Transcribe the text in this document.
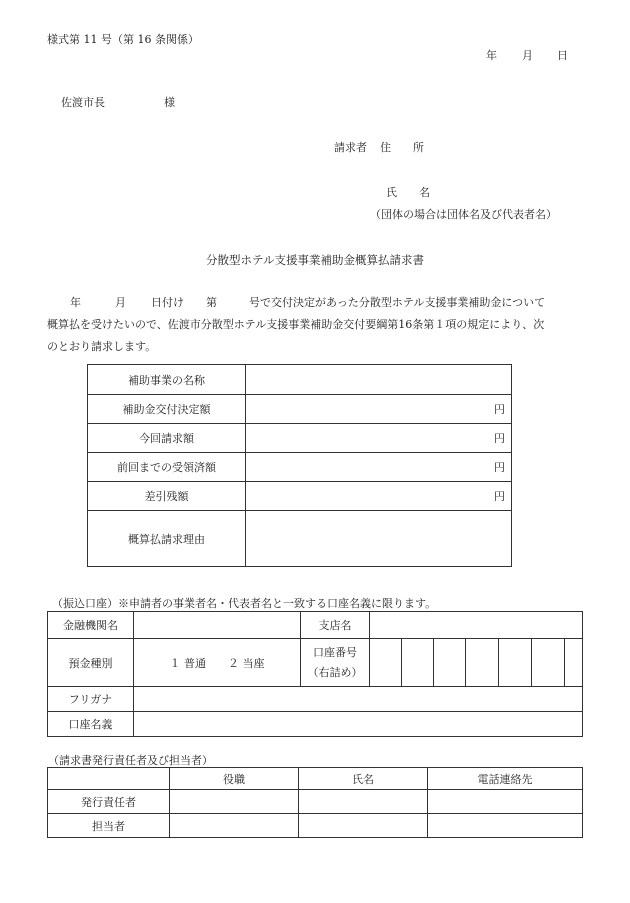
様式第 11 号（第 16 条関係）
年 月 日
佐渡市長	様
請求者 住　　所
氏　　名
（団体の場合は団体名及び代表者名）
分散型ホテル支援事業補助金概算払請求書
年	月 日付け 第	号で交付決定があった分散型ホテル支援事業補助金について
概算払を受けたいので、佐渡市分散型ホテル支援事業補助金交付要綱第16条第１項の規定により、次
のとおり請求します。
補助事業の名称	
補助金交付決定額	円
今回請求額	円
前回までの受領済額	円
差引残額	円
概算払請求理由	
（振込口座）※申請者の事業者名・代表者名と一致する口座名義に限ります。
金融機関名		支店名							
預金種別	１ 普通　　２ 当座	口座番号
（右詰め）							

フリガナ									
口座名義									
（請求書発行責任者及び担当者）
	役職	氏名	電話連絡先
発行責任者			
担当者			
